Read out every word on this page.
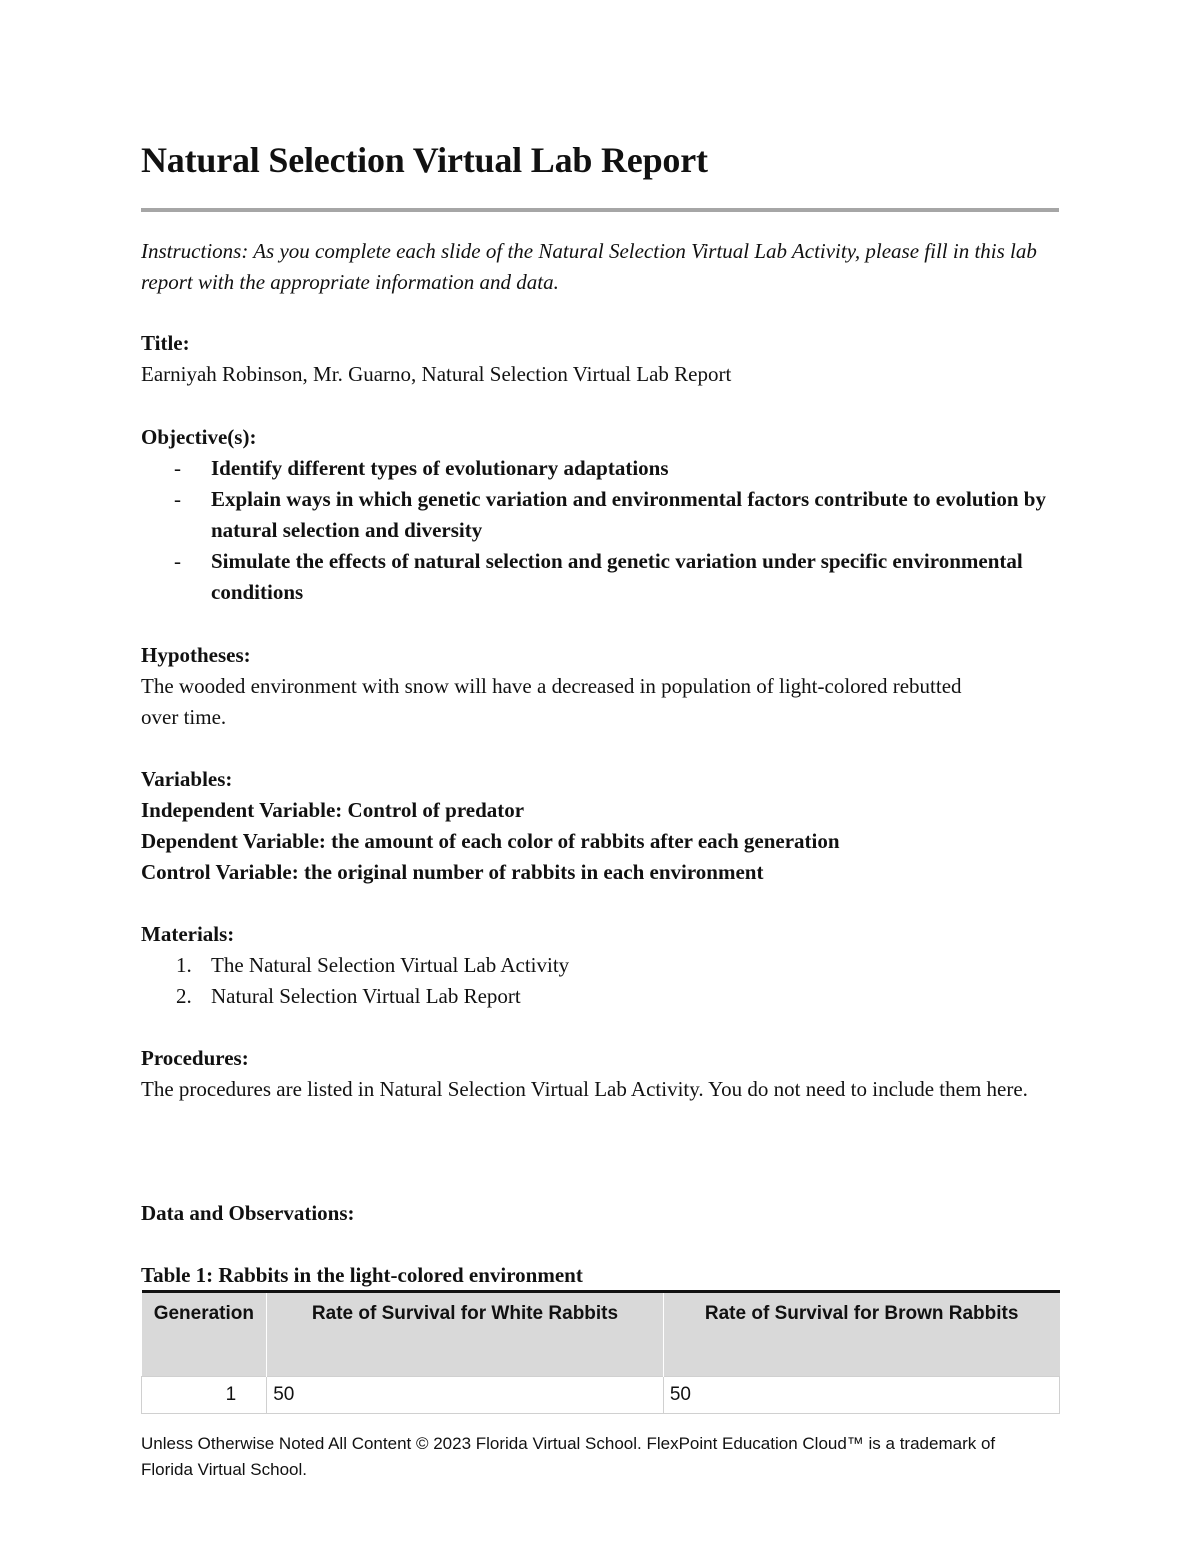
Natural Selection Virtual Lab Report
Instructions: As you complete each slide of the Natural Selection Virtual Lab Activity, please fill in this lab report with the appropriate information and data.
Title:
Earniyah Robinson, Mr. Guarno, Natural Selection Virtual Lab Report
Objective(s):
- Identify different types of evolutionary adaptations
- Explain ways in which genetic variation and environmental factors contribute to evolution by natural selection and diversity
- Simulate the effects of natural selection and genetic variation under specific environmental conditions
Hypotheses:
The wooded environment with snow will have a decreased in population of light-colored rebutted over time.
Variables:
Independent Variable: Control of predator
Dependent Variable: the amount of each color of rabbits after each generation
Control Variable: the original number of rabbits in each environment
Materials:
1. The Natural Selection Virtual Lab Activity
2. Natural Selection Virtual Lab Report
Procedures:
The procedures are listed in Natural Selection Virtual Lab Activity. You do not need to include them here.
Data and Observations:
Table 1: Rabbits in the light-colored environment
Generation	Rate of Survival for White Rabbits	Rate of Survival for Brown Rabbits
1	50	50
Unless Otherwise Noted All Content © 2023 Florida Virtual School. FlexPoint Education Cloud™ is a trademark of Florida Virtual School.
